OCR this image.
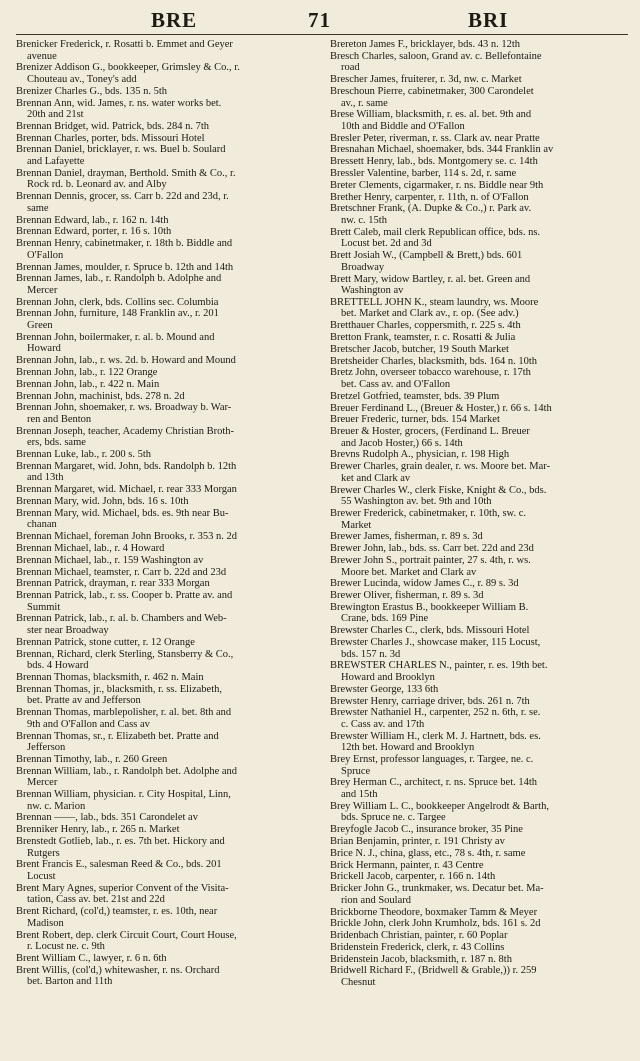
BRE	71	BRI
Brenicker Frederick, r. Rosatti b. Emmet and Geyer
avenue
Brenizer Addison G., bookkeeper, Grimsley & Co., r.
Chouteau av., Toney's add
Brenizer Charles G., bds. 135 n. 5th
Brennan Ann, wid. James, r. ns. water works bet.
20th and 21st
Brennan Bridget, wid. Patrick, bds. 284 n. 7th
Brennan Charles, porter, bds. Missouri Hotel
Brennan Daniel, bricklayer, r. ws. Buel b. Soulard
and Lafayette
Brennan Daniel, drayman, Berthold. Smith & Co., r.
Rock rd. b. Leonard av. and Alby
Brennan Dennis, grocer, ss. Carr b. 22d and 23d, r.
same
Brennan Edward, lab., r. 162 n. 14th
Brennan Edward, porter, r. 16 s. 10th
Brennan Henry, cabinetmaker, r. 18th b. Biddle and
O'Fallon
Brennan James, moulder, r. Spruce b. 12th and 14th
Brennan James, lab., r. Randolph b. Adolphe and
Mercer
Brennan John, clerk, bds. Collins sec. Columbia
Brennan John, furniture, 148 Franklin av., r. 201
Green
Brennan John, boilermaker, r. al. b. Mound and
Howard
Brennan John, lab., r. ws. 2d. b. Howard and Mound
Brennan John, lab., r. 122 Orange
Brennan John, lab., r. 422 n. Main
Brennan John, machinist, bds. 278 n. 2d
Brennan John, shoemaker, r. ws. Broadway b. War-
ren and Benton
Brennan Joseph, teacher, Academy Christian Broth-
ers, bds. same
Brennan Luke, lab., r. 200 s. 5th
Brennan Margaret, wid. John, bds. Randolph b. 12th
and 13th
Brennan Margaret, wid. Michael, r. rear 333 Morgan
Brennan Mary, wid. John, bds. 16 s. 10th
Brennan Mary, wid. Michael, bds. es. 9th near Bu-
chanan
Brennan Michael, foreman John Brooks, r. 353 n. 2d
Brennan Michael, lab., r. 4 Howard
Brennan Michael, lab., r. 159 Washington av
Brennan Michael, teamster, r. Carr b. 22d and 23d
Brennan Patrick, drayman, r. rear 333 Morgan
Brennan Patrick, lab., r. ss. Cooper b. Pratte av. and
Summit
Brennan Patrick, lab., r. al. b. Chambers and Web-
ster near Broadway
Brennan Patrick, stone cutter, r. 12 Orange
Brennan, Richard, clerk Sterling, Stansberry & Co.,
bds. 4 Howard
Brennan Thomas, blacksmith, r. 462 n. Main
Brennan Thomas, jr., blacksmith, r. ss. Elizabeth,
bet. Pratte av and Jefferson
Brennan Thomas, marblepolisher, r. al. bet. 8th and
9th and O'Fallon and Cass av
Brennan Thomas, sr., r. Elizabeth bet. Pratte and
Jefferson
Brennan Timothy, lab., r. 260 Green
Brennan William, lab., r. Randolph bet. Adolphe and
Mercer
Brennan William, physician. r. City Hospital, Linn,
nw. c. Marion
Brennan ——, lab., bds. 351 Carondelet av
Brenniker Henry, lab., r. 265 n. Market
Brenstedt Gotlieb, lab., r. es. 7th bet. Hickory and
Rutgers
Brent Francis E., salesman Reed & Co., bds. 201
Locust
Brent Mary Agnes, superior Convent of the Visita-
tation, Cass av. bet. 21st and 22d
Brent Richard, (col'd,) teamster, r. es. 10th, near
Madison
Brent Robert, dep. clerk Circuit Court, Court House,
r. Locust ne. c. 9th
Brent William C., lawyer, r. 6 n. 6th
Brent Willis, (col'd,) whitewasher, r. ns. Orchard
bet. Barton and 11th
Brereton James F., bricklayer, bds. 43 n. 12th
Bresch Charles, saloon, Grand av. c. Bellefontaine
road
Brescher James, fruiterer, r. 3d, nw. c. Market
Breschoun Pierre, cabinetmaker, 300 Carondelet
av., r. same
Brese William, blacksmith, r. es. al. bet. 9th and
10th and Biddle and O'Fallon
Bresler Peter, riverman, r. ss. Clark av. near Pratte
Bresnahan Michael, shoemaker, bds. 344 Franklin av
Bressett Henry, lab., bds. Montgomery se. c. 14th
Bressler Valentine, barber, 114 s. 2d, r. same
Breter Clements, cigarmaker, r. ns. Biddle near 9th
Brether Henry, carpenter, r. 11th, n. of O'Fallon
Bretschner Frank, (A. Dupke & Co.,) r. Park av.
nw. c. 15th
Brett Caleb, mail clerk Republican office, bds. ns.
Locust bet. 2d and 3d
Brett Josiah W., (Campbell & Brett,) bds. 601
Broadway
Brett Mary, widow Bartley, r. al. bet. Green and
Washington av
BRETTELL JOHN K., steam laundry, ws. Moore
bet. Market and Clark av., r. op. (See adv.)
Bretthauer Charles, coppersmith, r. 225 s. 4th
Bretton Frank, teamster, r. c. Rosatti & Julia
Bretscher Jacob, butcher, 19 South Market
Bretsheider Charles, blacksmith, bds. 164 n. 10th
Bretz John, overseer tobacco warehouse, r. 17th
bet. Cass av. and O'Fallon
Bretzel Gotfried, teamster, bds. 39 Plum
Breuer Ferdinand L., (Breuer & Hoster,) r. 66 s. 14th
Breuer Frederic, turner, bds. 154 Market
Breuer & Hoster, grocers, (Ferdinand L. Breuer
and Jacob Hoster,) 66 s. 14th
Brevns Rudolph A., physician, r. 198 High
Brewer Charles, grain dealer, r. ws. Moore bet. Mar-
ket and Clark av
Brewer Charles W., clerk Fiske, Knight & Co., bds.
55 Washington av. bet. 9th and 10th
Brewer Frederick, cabinetmaker, r. 10th, sw. c.
Market
Brewer James, fisherman, r. 89 s. 3d
Brewer John, lab., bds. ss. Carr bet. 22d and 23d
Brewer John S., portrait painter, 27 s. 4th, r. ws.
Moore bet. Market and Clark av
Brewer Lucinda, widow James C., r. 89 s. 3d
Brewer Oliver, fisherman, r. 89 s. 3d
Brewington Erastus B., bookkeeper William B.
Crane, bds. 169 Pine
Brewster Charles C., clerk, bds. Missouri Hotel
Brewster Charles J., showcase maker, 115 Locust,
bds. 157 n. 3d
BREWSTER CHARLES N., painter, r. es. 19th bet.
Howard and Brooklyn
Brewster George, 133 6th
Brewster Henry, carriage driver, bds. 261 n. 7th
Brewster Nathaniel H., carpenter, 252 n. 6th, r. se.
c. Cass av. and 17th
Brewster William H., clerk M. J. Hartnett, bds. es.
12th bet. Howard and Brooklyn
Brey Ernst, professor languages, r. Targee, ne. c.
Spruce
Brey Herman C., architect, r. ns. Spruce bet. 14th
and 15th
Brey William L. C., bookkeeper Angelrodt & Barth,
bds. Spruce ne. c. Targee
Breyfogle Jacob C., insurance broker, 35 Pine
Brian Benjamin, printer, r. 191 Christy av
Brice N. J., china, glass, etc., 78 s. 4th, r. same
Brick Hermann, painter, r. 43 Centre
Brickell Jacob, carpenter, r. 166 n. 14th
Bricker John G., trunkmaker, ws. Decatur bet. Ma-
rion and Soulard
Brickborne Theodore, boxmaker Tamm & Meyer
Brickle John, clerk John Krumholz, bds. 161 s. 2d
Bridenbach Christian, painter, r. 60 Poplar
Bridenstein Frederick, clerk, r. 43 Collins
Bridenstein Jacob, blacksmith, r. 187 n. 8th
Bridwell Richard F., (Bridwell & Grable,)) r. 259
Chesnut
